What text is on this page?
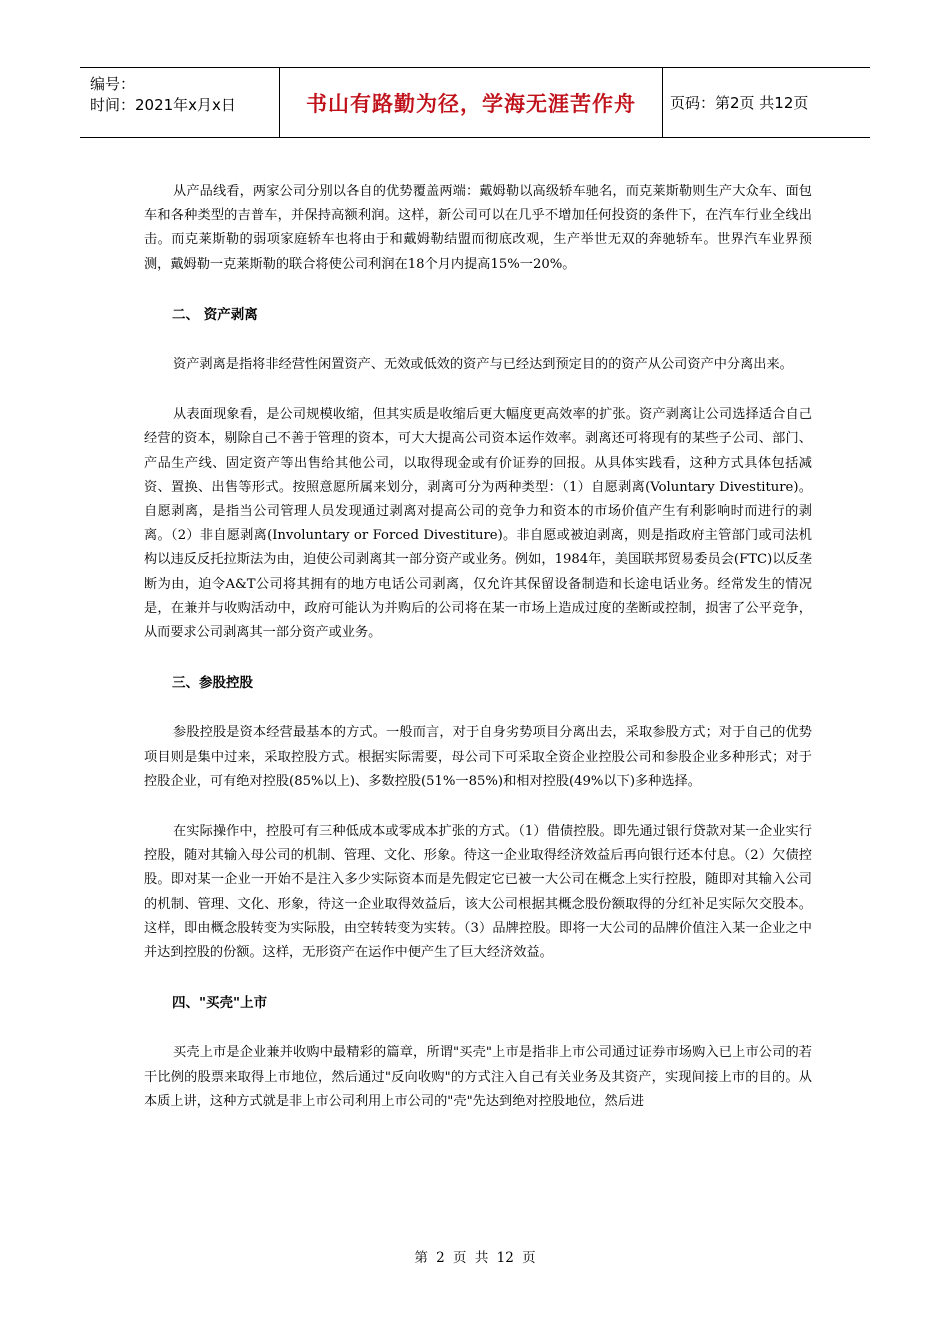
编号：
时间：2021年x月x日	书山有路勤为径，学海无涯苦作舟	页码：第2页 共12页

从产品线看，两家公司分别以各自的优势覆盖两端：戴姆勒以高级轿车驰名，而克莱斯勒则生产大众车、面包车和各种类型的吉普车，并保持高额利润。这样，新公司可以在几乎不增加任何投资的条件下，在汽车行业全线出击。而克莱斯勒的弱项家庭轿车也将由于和戴姆勒结盟而彻底改观，生产举世无双的奔驰轿车。世界汽车业界预测，戴姆勒一克莱斯勒的联合将使公司利润在18个月内提高15%一20%。

二、 资产剥离

资产剥离是指将非经营性闲置资产、无效或低效的资产与已经达到预定目的的资产从公司资产中分离出来。

从表面现象看，是公司规模收缩，但其实质是收缩后更大幅度更高效率的扩张。资产剥离让公司选择适合自己经营的资本，剔除自己不善于管理的资本，可大大提高公司资本运作效率。剥离还可将现有的某些子公司、部门、产品生产线、固定资产等出售给其他公司，以取得现金或有价证券的回报。从具体实践看，这种方式具体包括减资、置换、出售等形式。按照意愿所属来划分，剥离可分为两种类型：（1）自愿剥离(Voluntary Divestiture)。自愿剥离，是指当公司管理人员发现通过剥离对提高公司的竞争力和资本的市场价值产生有利影响时而进行的剥离。（2）非自愿剥离(Involuntary or Forced Divestiture)。非自愿或被迫剥离，则是指政府主管部门或司法机构以违反反托拉斯法为由，迫使公司剥离其一部分资产或业务。例如，1984年，美国联邦贸易委员会(FTC)以反垄断为由，迫令A&T公司将其拥有的地方电话公司剥离，仅允许其保留设备制造和长途电话业务。经常发生的情况是，在兼并与收购活动中，政府可能认为并购后的公司将在某一市场上造成过度的垄断或控制，损害了公平竞争，从而要求公司剥离其一部分资产或业务。

三、参股控股

参股控股是资本经营最基本的方式。一般而言，对于自身劣势项目分离出去，采取参股方式；对于自己的优势项目则是集中过来，采取控股方式。根据实际需要，母公司下可采取全资企业控股公司和参股企业多种形式；对于控股企业，可有绝对控股(85%以上)、多数控股(51%一85%)和相对控股(49%以下)多种选择。

在实际操作中，控股可有三种低成本或零成本扩张的方式。（1）借债控股。即先通过银行贷款对某一企业实行控股，随对其输入母公司的机制、管理、文化、形象。待这一企业取得经济效益后再向银行还本付息。（2）欠债控股。即对某一企业一开始不是注入多少实际资本而是先假定它已被一大公司在概念上实行控股，随即对其输入公司的机制、管理、文化、形象，待这一企业取得效益后，该大公司根据其概念股份额取得的分红补足实际欠交股本。这样，即由概念股转变为实际股，由空转转变为实转。（3）品牌控股。即将一大公司的品牌价值注入某一企业之中并达到控股的份额。这样，无形资产在运作中便产生了巨大经济效益。

四、"买壳"上市

买壳上市是企业兼并收购中最精彩的篇章，所谓"买壳"上市是指非上市公司通过证券市场购入已上市公司的若干比例的股票来取得上市地位，然后通过"反向收购"的方式注入自己有关业务及其资产，实现间接上市的目的。从本质上讲，这种方式就是非上市公司利用上市公司的"壳"先达到绝对控股地位，然后进

第 2 页 共 12 页
